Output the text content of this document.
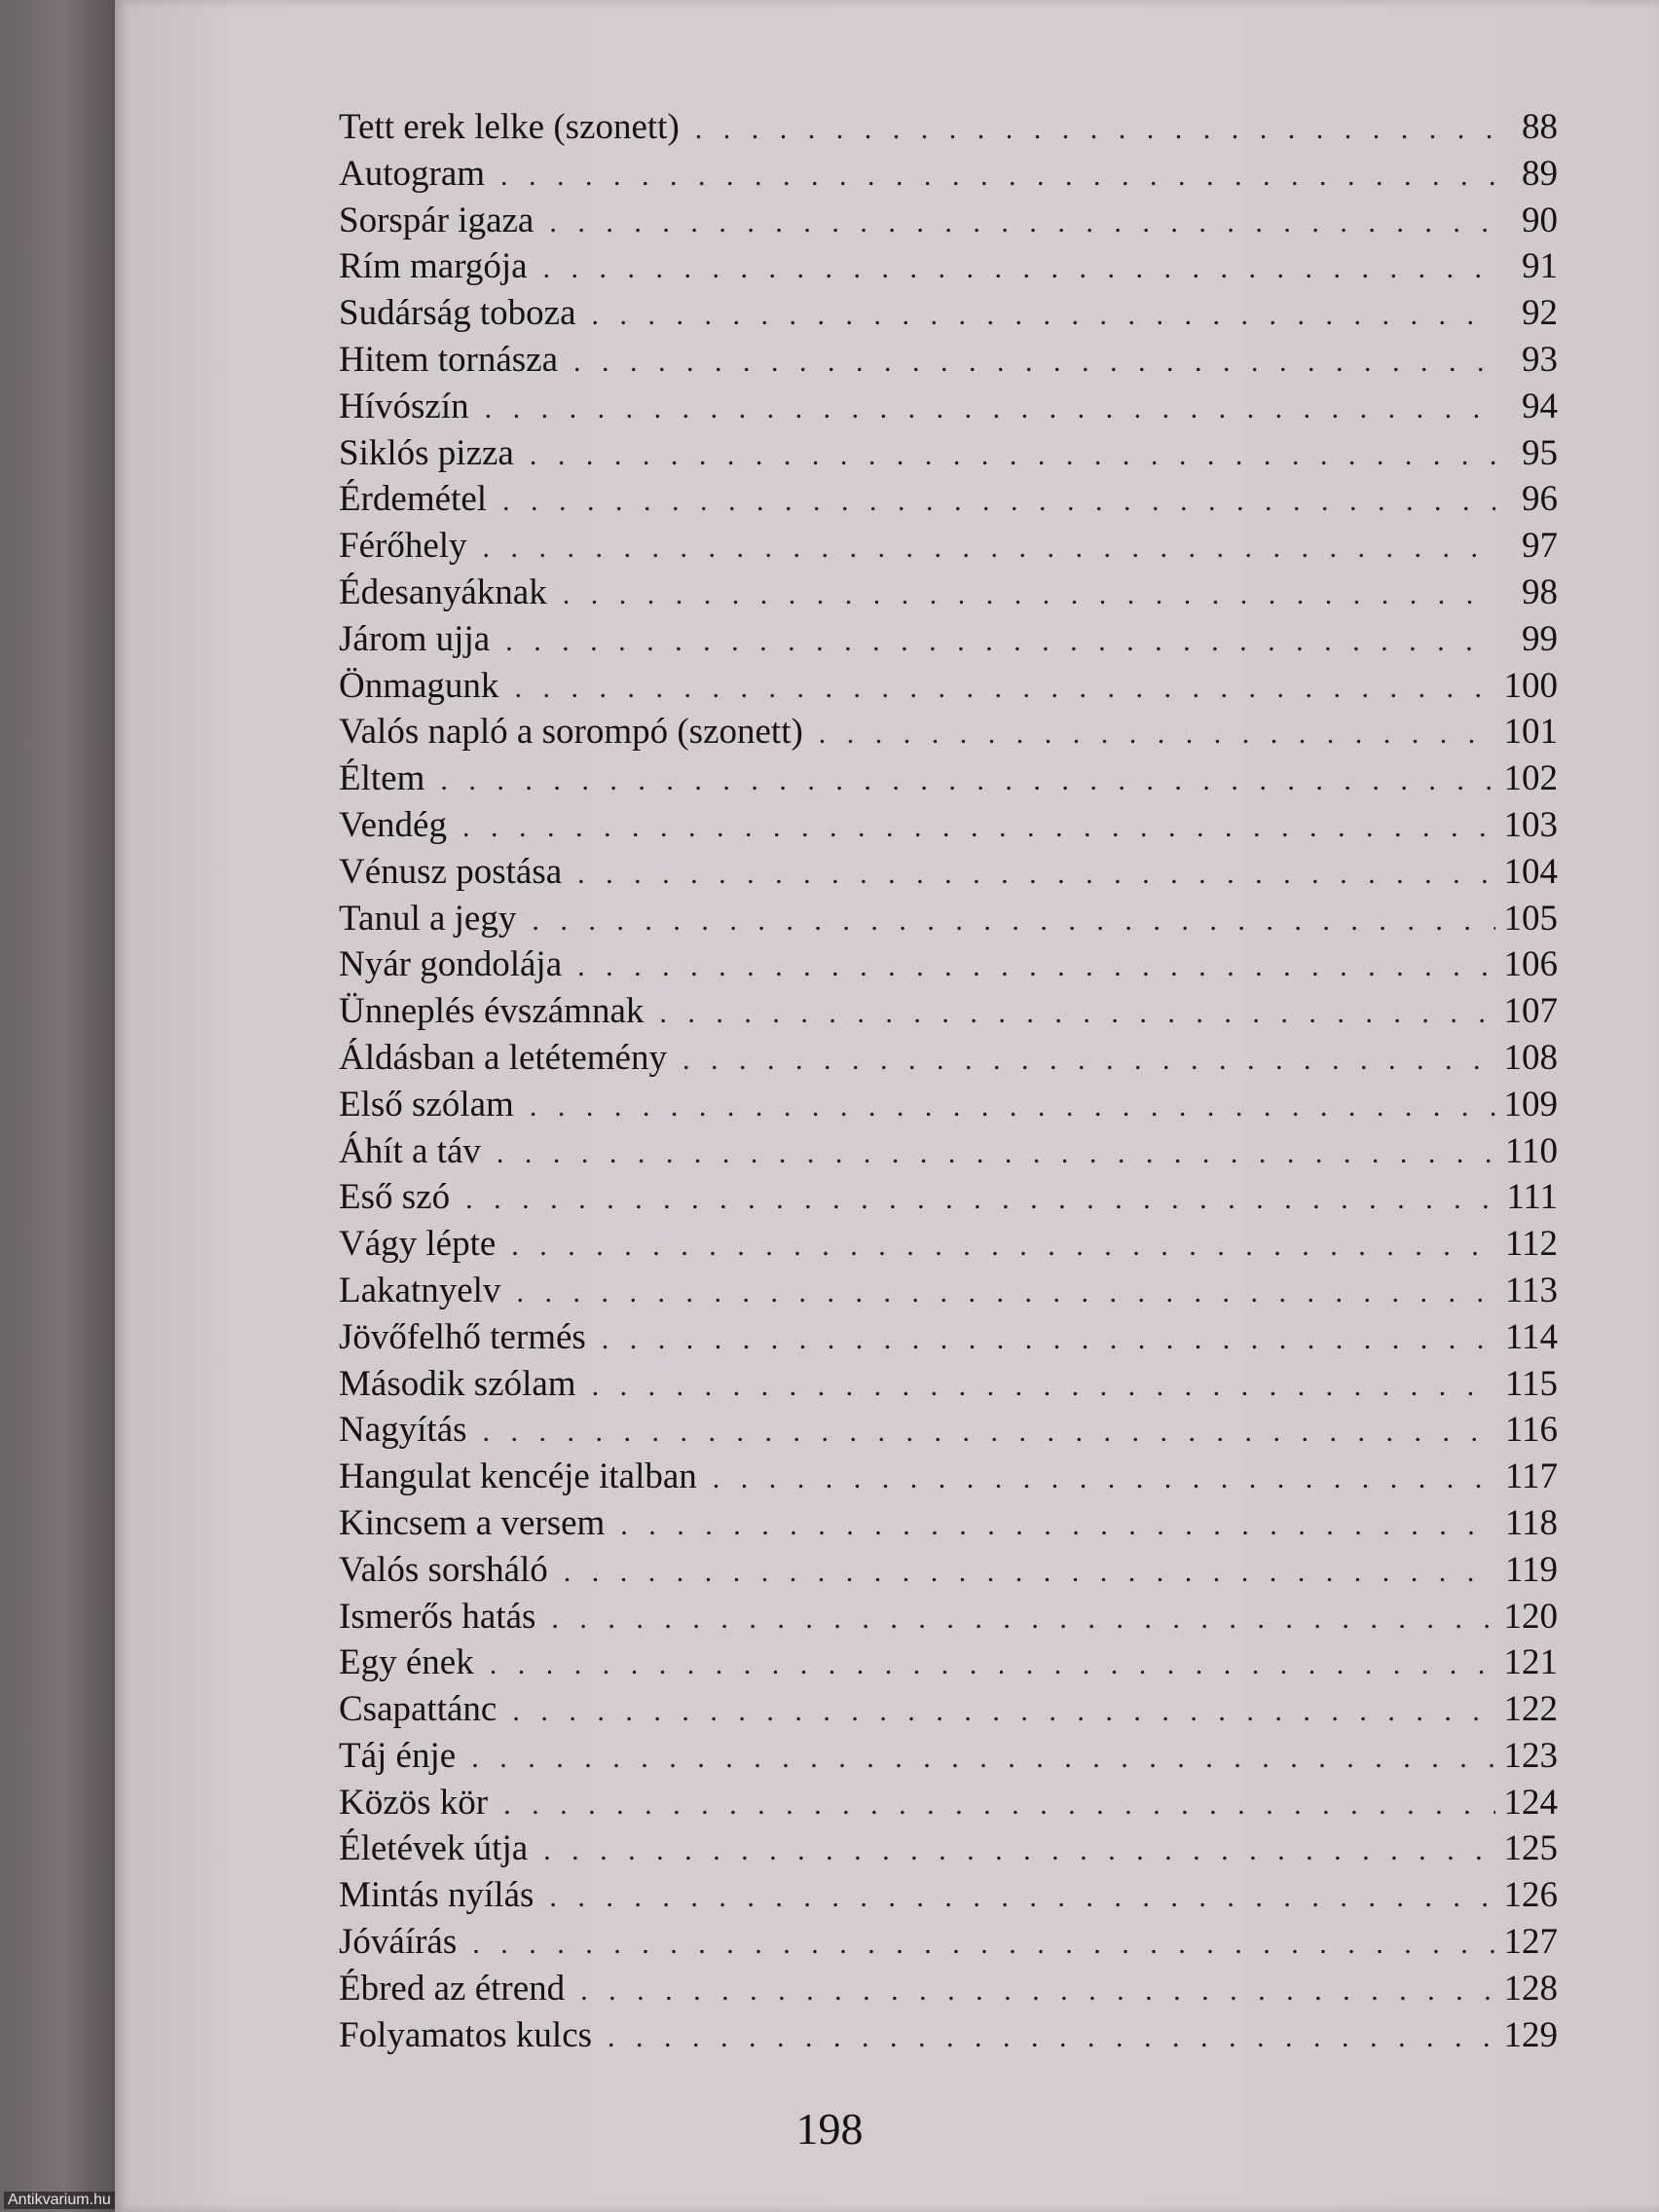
Tett erek lelke (szonett) . . .	88
Autogram . . .	89
Sorspár igaza . . .	90
Rím margója . . .	91
Sudárság toboza . . .	92
Hitem tornásza . . .	93
Hívószín . . .	94
Siklós pizza . . .	95
Érdemétel . . .	96
Férőhely . . .	97
Édesanyáknak . . .	98
Járom ujja . . .	99
Önmagunk . . .	100
Valós napló a sorompó (szonett) . . .	101
Éltem . . .	102
Vendég . . .	103
Vénusz postása . . .	104
Tanul a jegy . . .	105
Nyár gondolája . . .	106
Ünneplés évszámnak . . .	107
Áldásban a letétemény . . .	108
Első szólam . . .	109
Áhít a táv . . .	110
Eső szó . . .	111
Vágy lépte . . .	112
Lakatnyelv . . .	113
Jövőfelhő termés . . .	114
Második szólam . . .	115
Nagyítás . . .	116
Hangulat kencéje italban . . .	117
Kincsem a versem . . .	118
Valós sorsháló . . .	119
Ismerős hatás . . .	120
Egy ének . . .	121
Csapattánc . . .	122
Táj énje . . .	123
Közös kör . . .	124
Életévek útja . . .	125
Mintás nyílás . . .	126
Jóváírás . . .	127
Ébred az étrend . . .	128
Folyamatos kulcs . . .	129
198
Antikvarium.hu
